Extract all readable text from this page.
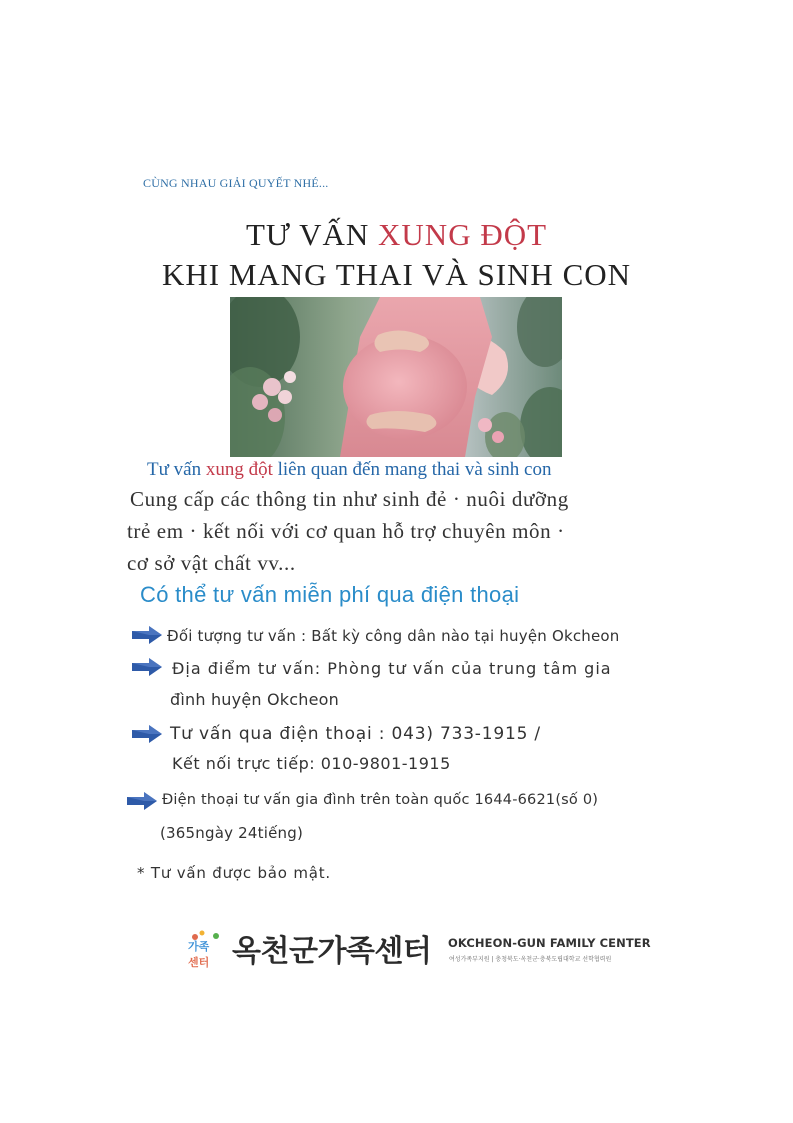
CÙNG NHAU GIẢI QUYẾT NHÉ...
TƯ VẤN XUNG ĐỘT
KHI MANG THAI VÀ SINH CON
Tư vấn xung đột liên quan đến mang thai và sinh con
Cung cấp các thông tin như sinh đẻ · nuôi dưỡng
trẻ em · kết nối với cơ quan hỗ trợ chuyên môn ·
cơ sở vật chất vv...
Có thể tư vấn miễn phí qua điện thoại
Đối tượng tư vấn : Bất kỳ công dân nào tại huyện Okcheon
Địa điểm tư vấn: Phòng tư vấn của trung tâm gia
đình huyện Okcheon
Tư vấn qua điện thoại : 043) 733-1915 /
Kết nối trực tiếp: 010-9801-1915
Điện thoại tư vấn gia đình trên toàn quốc 1644-6621(số 0)
(365ngày 24tiếng)
* Tư vấn được bảo mật.
가족
센터 옥천군가족센터 OKCHEON-GUN FAMILY CENTER
여성가족부지원 | 충청북도·옥천군·충북도립대학교 선학협력원
